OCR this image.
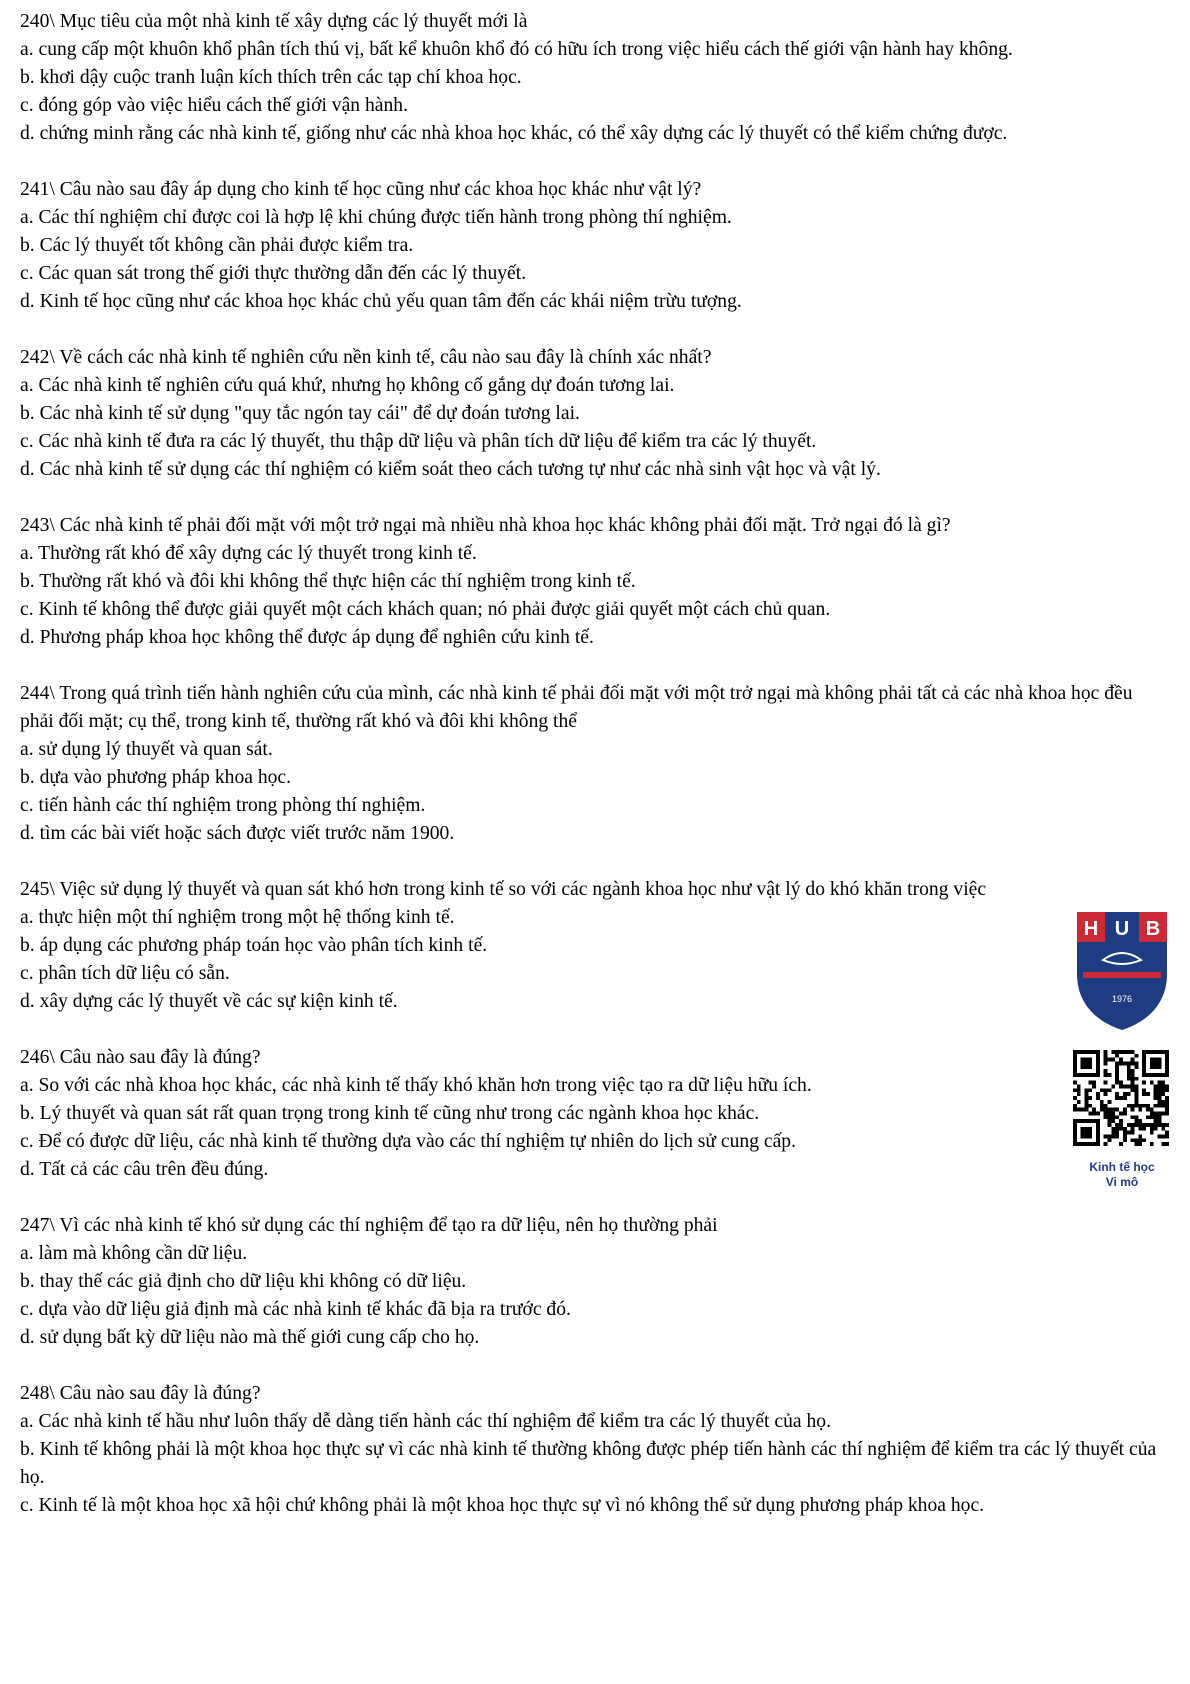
240\ Mục tiêu của một nhà kinh tế xây dựng các lý thuyết mới là
a. cung cấp một khuôn khổ phân tích thú vị, bất kể khuôn khổ đó có hữu ích trong việc hiểu cách thế giới vận hành hay không.
b. khơi dậy cuộc tranh luận kích thích trên các tạp chí khoa học.
c. đóng góp vào việc hiểu cách thế giới vận hành.
d. chứng minh rằng các nhà kinh tế, giống như các nhà khoa học khác, có thể xây dựng các lý thuyết có thể kiểm chứng được.
241\ Câu nào sau đây áp dụng cho kinh tế học cũng như các khoa học khác như vật lý?
a. Các thí nghiệm chỉ được coi là hợp lệ khi chúng được tiến hành trong phòng thí nghiệm.
b. Các lý thuyết tốt không cần phải được kiểm tra.
c. Các quan sát trong thế giới thực thường dẫn đến các lý thuyết.
d. Kinh tế học cũng như các khoa học khác chủ yếu quan tâm đến các khái niệm trừu tượng.
242\ Về cách các nhà kinh tế nghiên cứu nền kinh tế, câu nào sau đây là chính xác nhất?
a. Các nhà kinh tế nghiên cứu quá khứ, nhưng họ không cố gắng dự đoán tương lai.
b. Các nhà kinh tế sử dụng "quy tắc ngón tay cái" để dự đoán tương lai.
c. Các nhà kinh tế đưa ra các lý thuyết, thu thập dữ liệu và phân tích dữ liệu để kiểm tra các lý thuyết.
d. Các nhà kinh tế sử dụng các thí nghiệm có kiểm soát theo cách tương tự như các nhà sinh vật học và vật lý.
243\ Các nhà kinh tế phải đối mặt với một trở ngại mà nhiều nhà khoa học khác không phải đối mặt. Trở ngại đó là gì?
a. Thường rất khó để xây dựng các lý thuyết trong kinh tế.
b. Thường rất khó và đôi khi không thể thực hiện các thí nghiệm trong kinh tế.
c. Kinh tế không thể được giải quyết một cách khách quan; nó phải được giải quyết một cách chủ quan.
d. Phương pháp khoa học không thể được áp dụng để nghiên cứu kinh tế.
244\ Trong quá trình tiến hành nghiên cứu của mình, các nhà kinh tế phải đối mặt với một trở ngại mà không phải tất cả các nhà khoa học đều phải đối mặt; cụ thể, trong kinh tế, thường rất khó và đôi khi không thể
a. sử dụng lý thuyết và quan sát.
b. dựa vào phương pháp khoa học.
c. tiến hành các thí nghiệm trong phòng thí nghiệm.
d. tìm các bài viết hoặc sách được viết trước năm 1900.
245\ Việc sử dụng lý thuyết và quan sát khó hơn trong kinh tế so với các ngành khoa học như vật lý do khó khăn trong việc
a. thực hiện một thí nghiệm trong một hệ thống kinh tế.
b. áp dụng các phương pháp toán học vào phân tích kinh tế.
c. phân tích dữ liệu có sẵn.
d. xây dựng các lý thuyết về các sự kiện kinh tế.
246\ Câu nào sau đây là đúng?
a. So với các nhà khoa học khác, các nhà kinh tế thấy khó khăn hơn trong việc tạo ra dữ liệu hữu ích.
b. Lý thuyết và quan sát rất quan trọng trong kinh tế cũng như trong các ngành khoa học khác.
c. Để có được dữ liệu, các nhà kinh tế thường dựa vào các thí nghiệm tự nhiên do lịch sử cung cấp.
d. Tất cả các câu trên đều đúng.
247\ Vì các nhà kinh tế khó sử dụng các thí nghiệm để tạo ra dữ liệu, nên họ thường phải
a. làm mà không cần dữ liệu.
b. thay thế các giả định cho dữ liệu khi không có dữ liệu.
c. dựa vào dữ liệu giả định mà các nhà kinh tế khác đã bịa ra trước đó.
d. sử dụng bất kỳ dữ liệu nào mà thế giới cung cấp cho họ.
248\ Câu nào sau đây là đúng?
a. Các nhà kinh tế hầu như luôn thấy dễ dàng tiến hành các thí nghiệm để kiểm tra các lý thuyết của họ.
b. Kinh tế không phải là một khoa học thực sự vì các nhà kinh tế thường không được phép tiến hành các thí nghiệm để kiểm tra các lý thuyết của họ.
c. Kinh tế là một khoa học xã hội chứ không phải là một khoa học thực sự vì nó không thể sử dụng phương pháp khoa học.
H U B
1976
Kinh tế học
Vi mô
